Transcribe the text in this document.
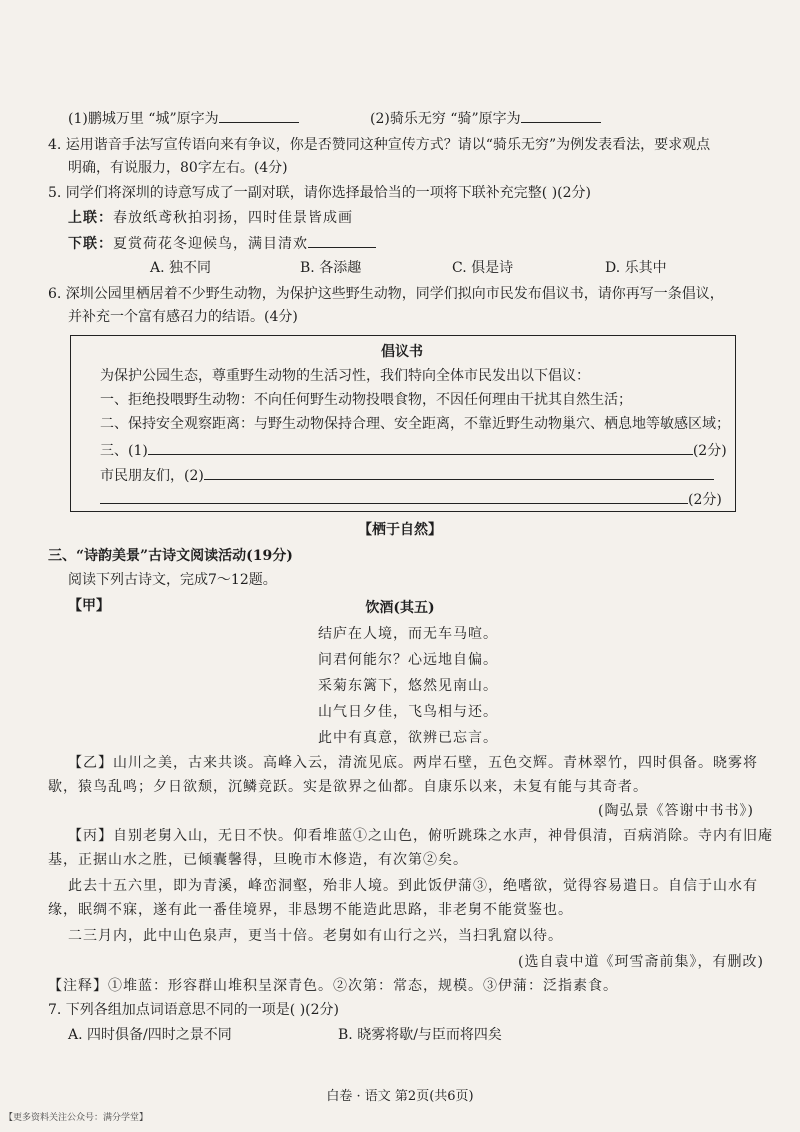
(1)鹏城万里 “城”原字为	(2)骑乐无穷 “骑”原字为
4. 运用谐音手法写宣传语向来有争议，你是否赞同这种宣传方式？请以“骑乐无穷”为例发表看法，要求观点
明确，有说服力，80字左右。(4分)
5. 同学们将深圳的诗意写成了一副对联，请你选择最恰当的一项将下联补充完整( )(2分)
上联：春放纸鸢秋拍羽扬，四时佳景皆成画
下联：夏赏荷花冬迎候鸟，满目清欢
A. 独不同	B. 各添趣	C. 俱是诗	D. 乐其中
6. 深圳公园里栖居着不少野生动物，为保护这些野生动物，同学们拟向市民发布倡议书，请你再写一条倡议，
并补充一个富有感召力的结语。(4分)
倡议书
为保护公园生态，尊重野生动物的生活习性，我们特向全体市民发出以下倡议：
一、拒绝投喂野生动物：不向任何野生动物投喂食物，不因任何理由干扰其自然生活；
二、保持安全观察距离：与野生动物保持合理、安全距离，不靠近野生动物巢穴、栖息地等敏感区域；
三、(1)	(2分)
市民朋友们，(2)
(2分)
【栖于自然】
三、“诗韵美景”古诗文阅读活动(19分)
阅读下列古诗文，完成7～12题。
【甲】	饮酒(其五)
结庐在人境，而无车马喧。
问君何能尔？心远地自偏。
采菊东篱下，悠然见南山。
山气日夕佳，飞鸟相与还。
此中有真意，欲辨已忘言。
【乙】山川之美，古来共谈。高峰入云，清流见底。两岸石壁，五色交辉。青林翠竹，四时俱备。晓雾将
歇，猿鸟乱鸣；夕日欲颓，沉鳞竞跃。实是欲界之仙都。自康乐以来，未复有能与其奇者。
(陶弘景《答谢中书书》)
【丙】自别老舅入山，无日不快。仰看堆蓝①之山色，俯听跳珠之水声，神骨俱清，百病消除。寺内有旧庵
基，正据山水之胜，已倾囊馨得，旦晚市木修造，有次第②矣。
此去十五六里，即为青溪，峰峦洞壑，殆非人境。到此饭伊蒲③，绝嗜欲，觉得容易遣日。自信于山水有
缘，眠绸不寐，遂有此一番佳境界，非恳甥不能造此思路，非老舅不能赏鉴也。
二三月内，此中山色泉声，更当十倍。老舅如有山行之兴，当扫乳窟以待。
(选自袁中道《珂雪斋前集》，有删改)
【注释】①堆蓝：形容群山堆积呈深青色。②次第：常态，规模。③伊蒲：泛指素食。
7. 下列各组加点词语意思不同的一项是( )(2分)
A. 四时俱备/四时之景不同	B. 晓雾将歇/与臣而将四矣
白卷 · 语文 第2页(共6页)
【更多资料关注公众号：满分学堂】
